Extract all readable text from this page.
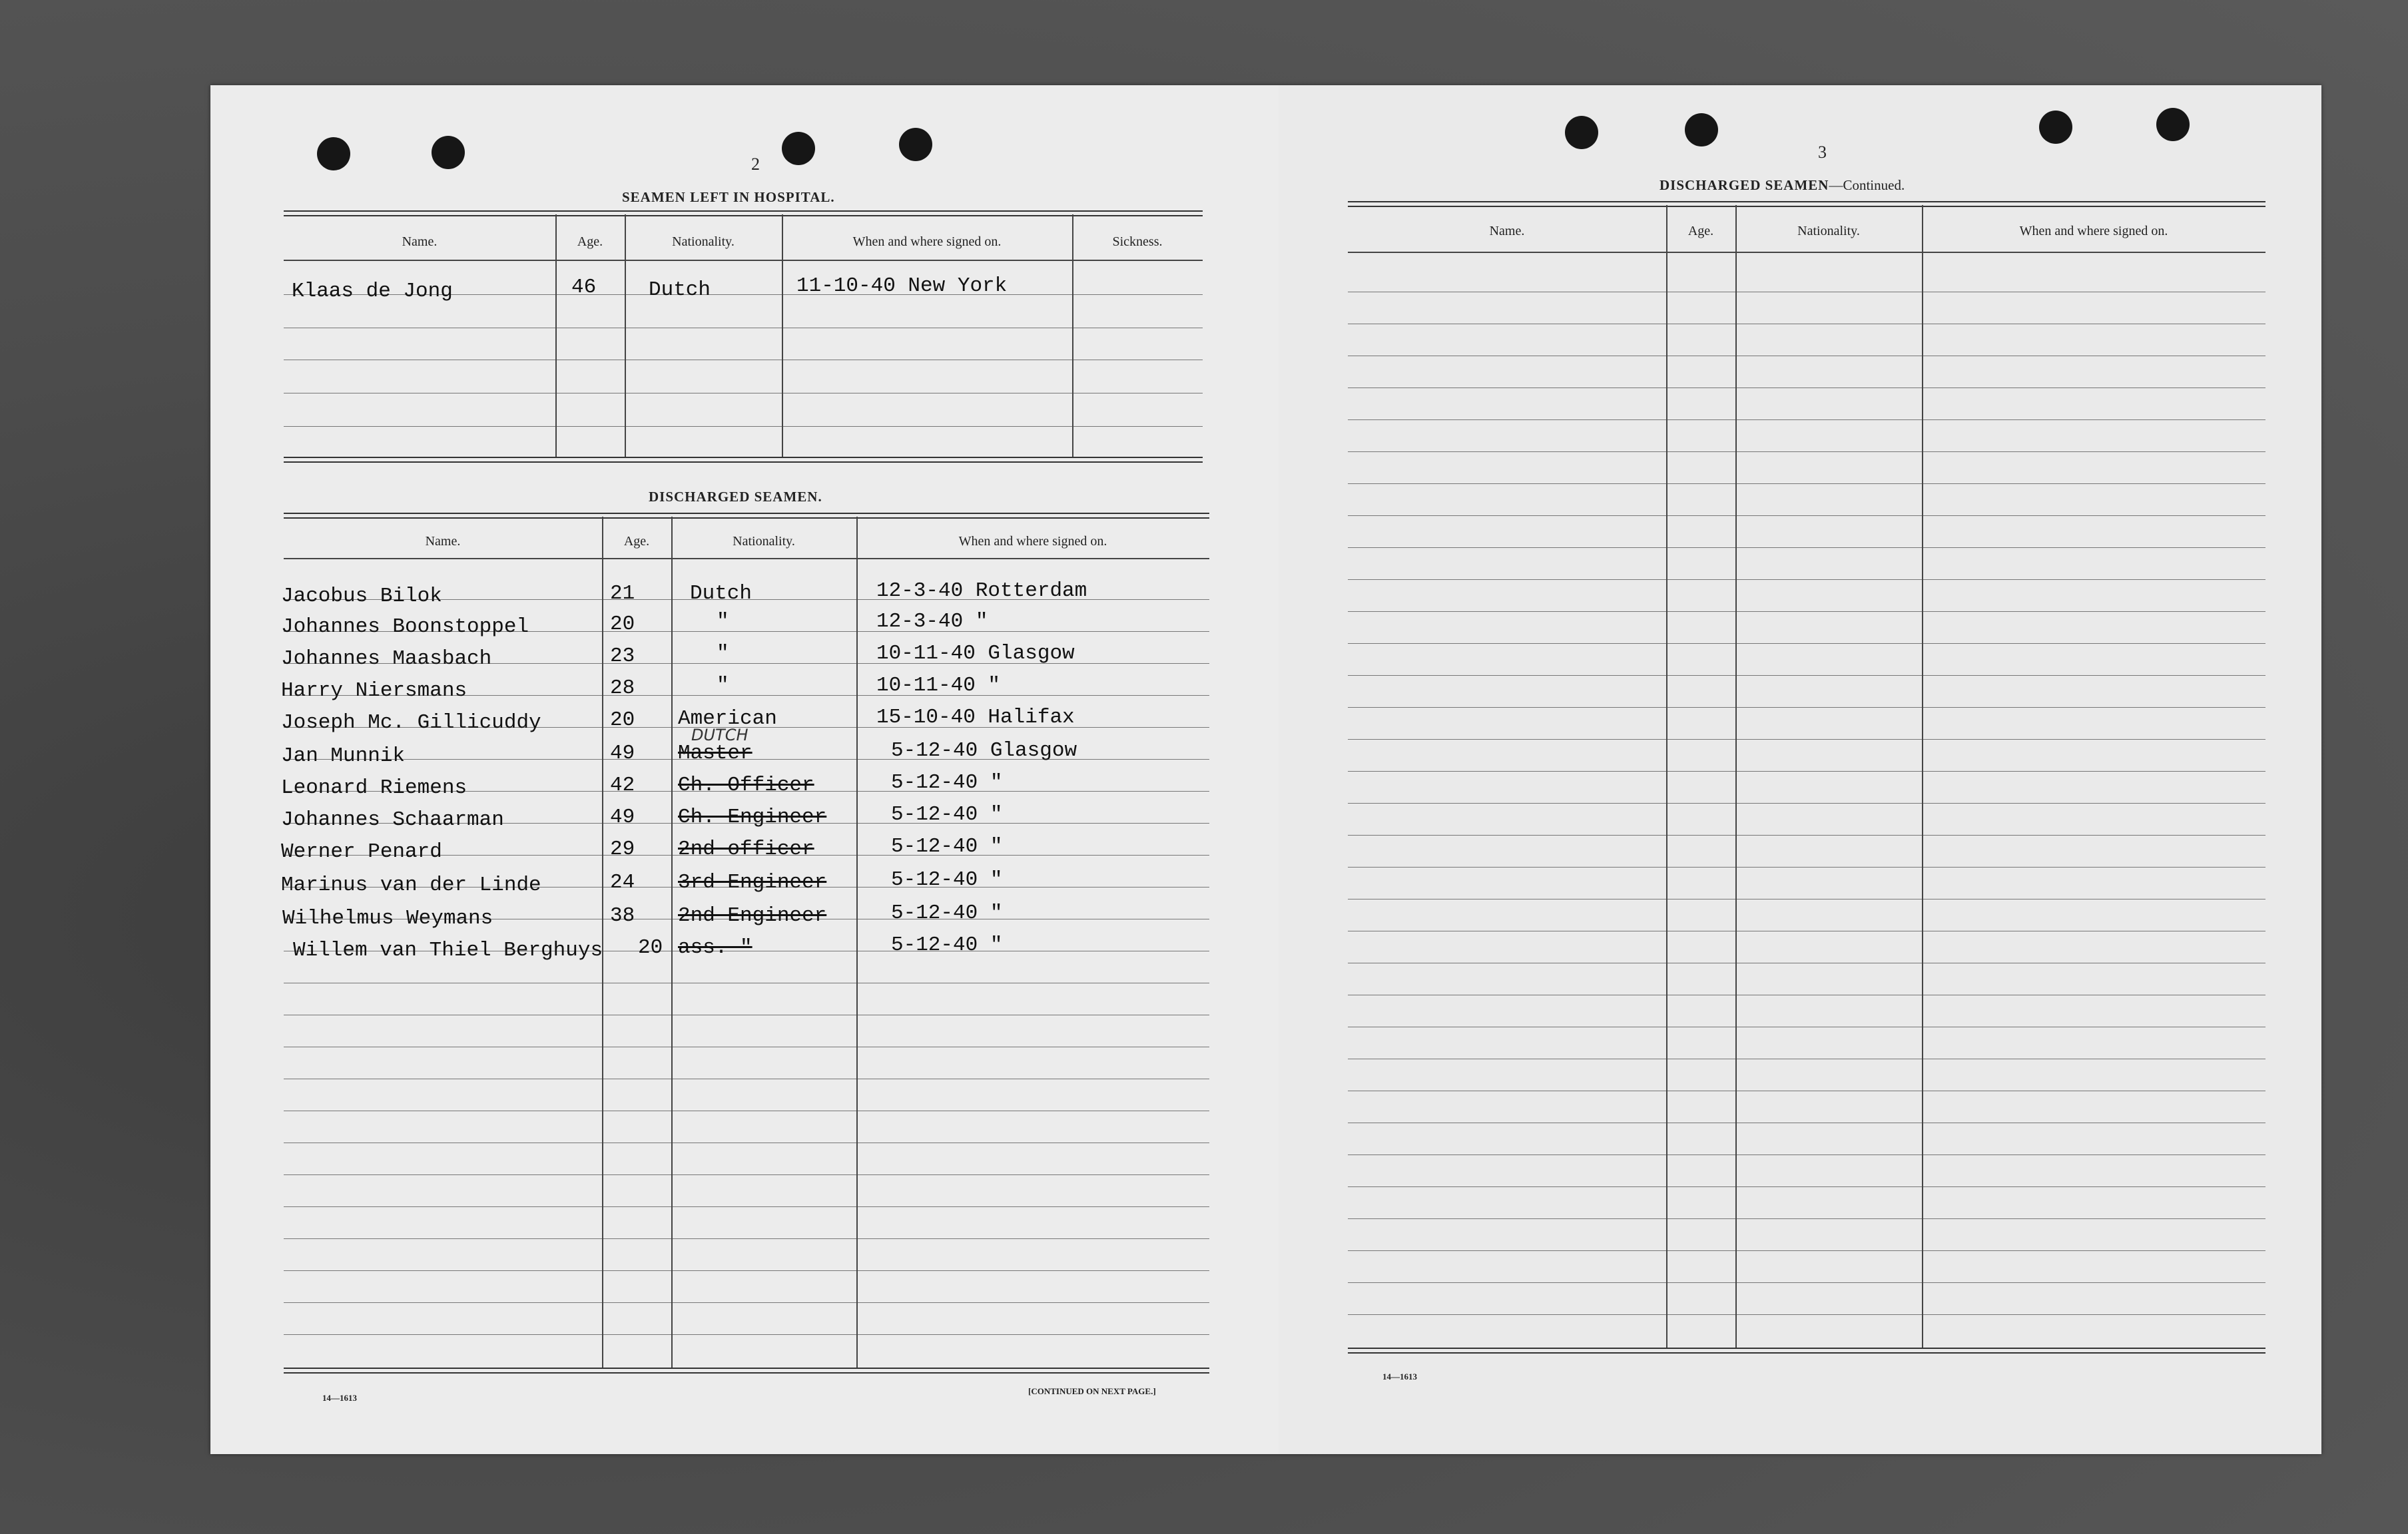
2
SEAMEN LEFT IN HOSPITAL.
Name.	Age.	Nationality.	When and where signed on.	Sickness.
Klaas de Jong	46	Dutch	11-10-40 New York
DISCHARGED SEAMEN.
Name.	Age.	Nationality.	When and where signed on.
Jacobus Bilok	21	Dutch	12-3-40 Rotterdam
Johannes Boonstoppel	20	"	12-3-40 "
Johannes Maasbach	23	"	10-11-40 Glasgow
Harry Niersmans	28	"	10-11-40 "
Joseph Mc. Gillicuddy	20 American	15-10-40 Halifax
DUTCH
Jan Munnik	49 Master	5-12-40 Glasgow
Leonard Riemens	42 Ch. Officer	5-12-40 "
Johannes Schaarman	49 Ch. Engineer	5-12-40 "
Werner Penard	29 2nd officer	5-12-40 "
Marinus van der Linde	24 3rd Engineer	5-12-40 "
Wilhelmus Weymans	38 2nd Engineer	5-12-40 "
Willem van Thiel Berghuys 20 ass. "	5-12-40 "
14—1613
[CONTINUED ON NEXT PAGE.]
3
DISCHARGED SEAMEN—Continued.
Name.	Age.	Nationality.	When and where signed on.
14—1613
